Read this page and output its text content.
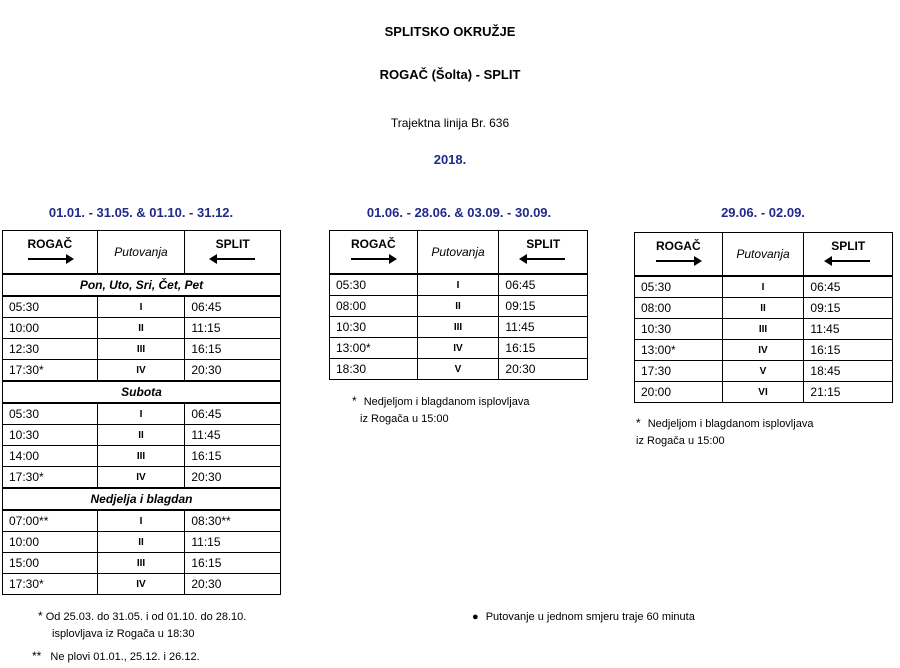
SPLITSKO OKRUŽJE
ROGAČ (Šolta) - SPLIT
Trajektna linija Br. 636
2018.
01.01. - 31.05. & 01.10. - 31.12.	01.06. - 28.06. & 03.09. - 30.09.	29.06. - 02.09.
ROGAČ	Putovanja	SPLIT

Pon, Uto, Sri, Čet, Pet		
05:30	I	06:45
10:00	II	11:15
12:30	III	16:15
17:30*	IV	20:30
Subota		
05:30	I	06:45
10:30	II	11:45
14:00	III	16:15
17:30*	IV	20:30
Nedjelja i blagdan		
07:00**	I	08:30**
10:00	II	11:15
15:00	III	16:15
17:30*	IV	20:30
ROGAČ	Putovanja	SPLIT

05:30	I	06:45
08:00	II	09:15
10:30	III	11:45
13:00*	IV	16:15
18:30	V	20:30
ROGAČ	Putovanja	SPLIT

05:30	I	06:45
08:00	II	09:15
10:30	III	11:45
13:00*	IV	16:15
17:30	V	18:45
20:00	VI	21:15
* Od 25.03. do 31.05. i od 01.10. do 28.10.
isplovljava iz Rogača u 18:30
** Ne plovi 01.01., 25.12. i 26.12.
* Nedjeljom i blagdanom isplovljava
iz Rogača u 15:00	* Nedjeljom i blagdanom isplovljava
iz Rogača u 15:00
● Putovanje u jednom smjeru traje 60 minuta
